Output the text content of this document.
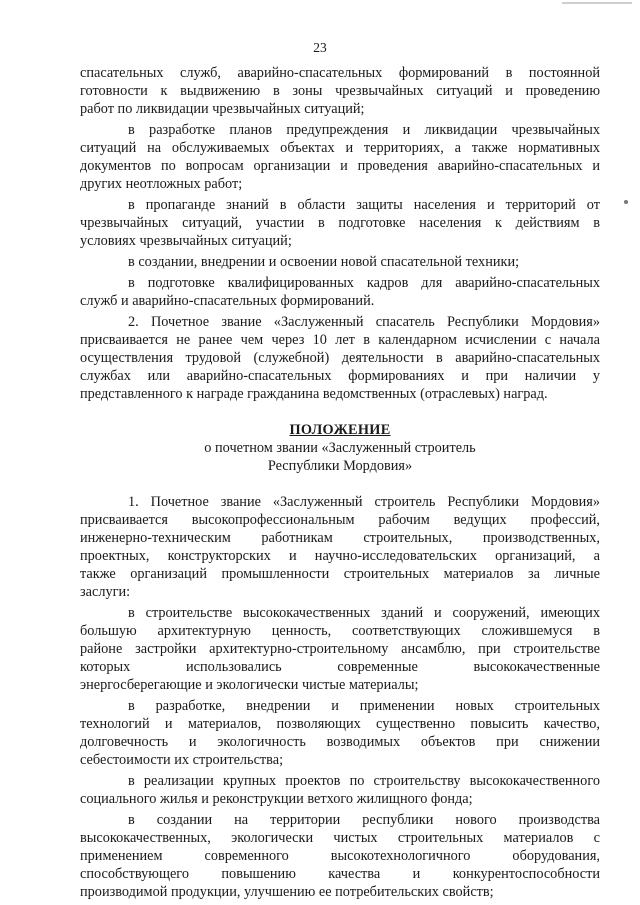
23
ПОЛОЖЕНИЕ
о почетном звании «Заслуженный строитель
Республики Мордовия»
спасательных служб, аварийно-спасательных формирований в постоянной
готовности к выдвижению в зоны чрезвычайных ситуаций и проведению
работ по ликвидации чрезвычайных ситуаций;
в разработке планов предупреждения и ликвидации чрезвычайных
ситуаций на обслуживаемых объектах и территориях, а также нормативных
документов по вопросам организации и проведения аварийно-спасательных и
других неотложных работ;
в пропаганде знаний в области защиты населения и территорий от
чрезвычайных ситуаций, участии в подготовке населения к действиям в
условиях чрезвычайных ситуаций;
в создании, внедрении и освоении новой спасательной техники;
в подготовке квалифицированных кадров для аварийно-спасательных
служб и аварийно-спасательных формирований.
2. Почетное звание «Заслуженный спасатель Республики Мордовия»
присваивается не ранее чем через 10 лет в календарном исчислении с начала
осуществления трудовой (служебной) деятельности в аварийно-спасательных
службах или аварийно-спасательных формированиях и при наличии у
представленного к награде гражданина ведомственных (отраслевых) наград.
1. Почетное звание «Заслуженный строитель Республики Мордовия»
присваивается высокопрофессиональным рабочим ведущих профессий,
инженерно-техническим работникам строительных, производственных,
проектных, конструкторских и научно-исследовательских организаций, а
также организаций промышленности строительных материалов за личные
заслуги:
в строительстве высококачественных зданий и сооружений, имеющих
большую архитектурную ценность, соответствующих сложившемуся в
районе застройки архитектурно-строительному ансамблю, при строительстве
которых использовались современные высококачественные
энергосберегающие и экологически чистые материалы;
в разработке, внедрении и применении новых строительных
технологий и материалов, позволяющих существенно повысить качество,
долговечность и экологичность возводимых объектов при снижении
себестоимости их строительства;
в реализации крупных проектов по строительству высококачественного
социального жилья и реконструкции ветхого жилищного фонда;
в создании на территории республики нового производства
высококачественных, экологически чистых строительных материалов с
применением современного высокотехнологичного оборудования,
способствующего повышению качества и конкурентоспособности
производимой продукции, улучшению ее потребительских свойств;
